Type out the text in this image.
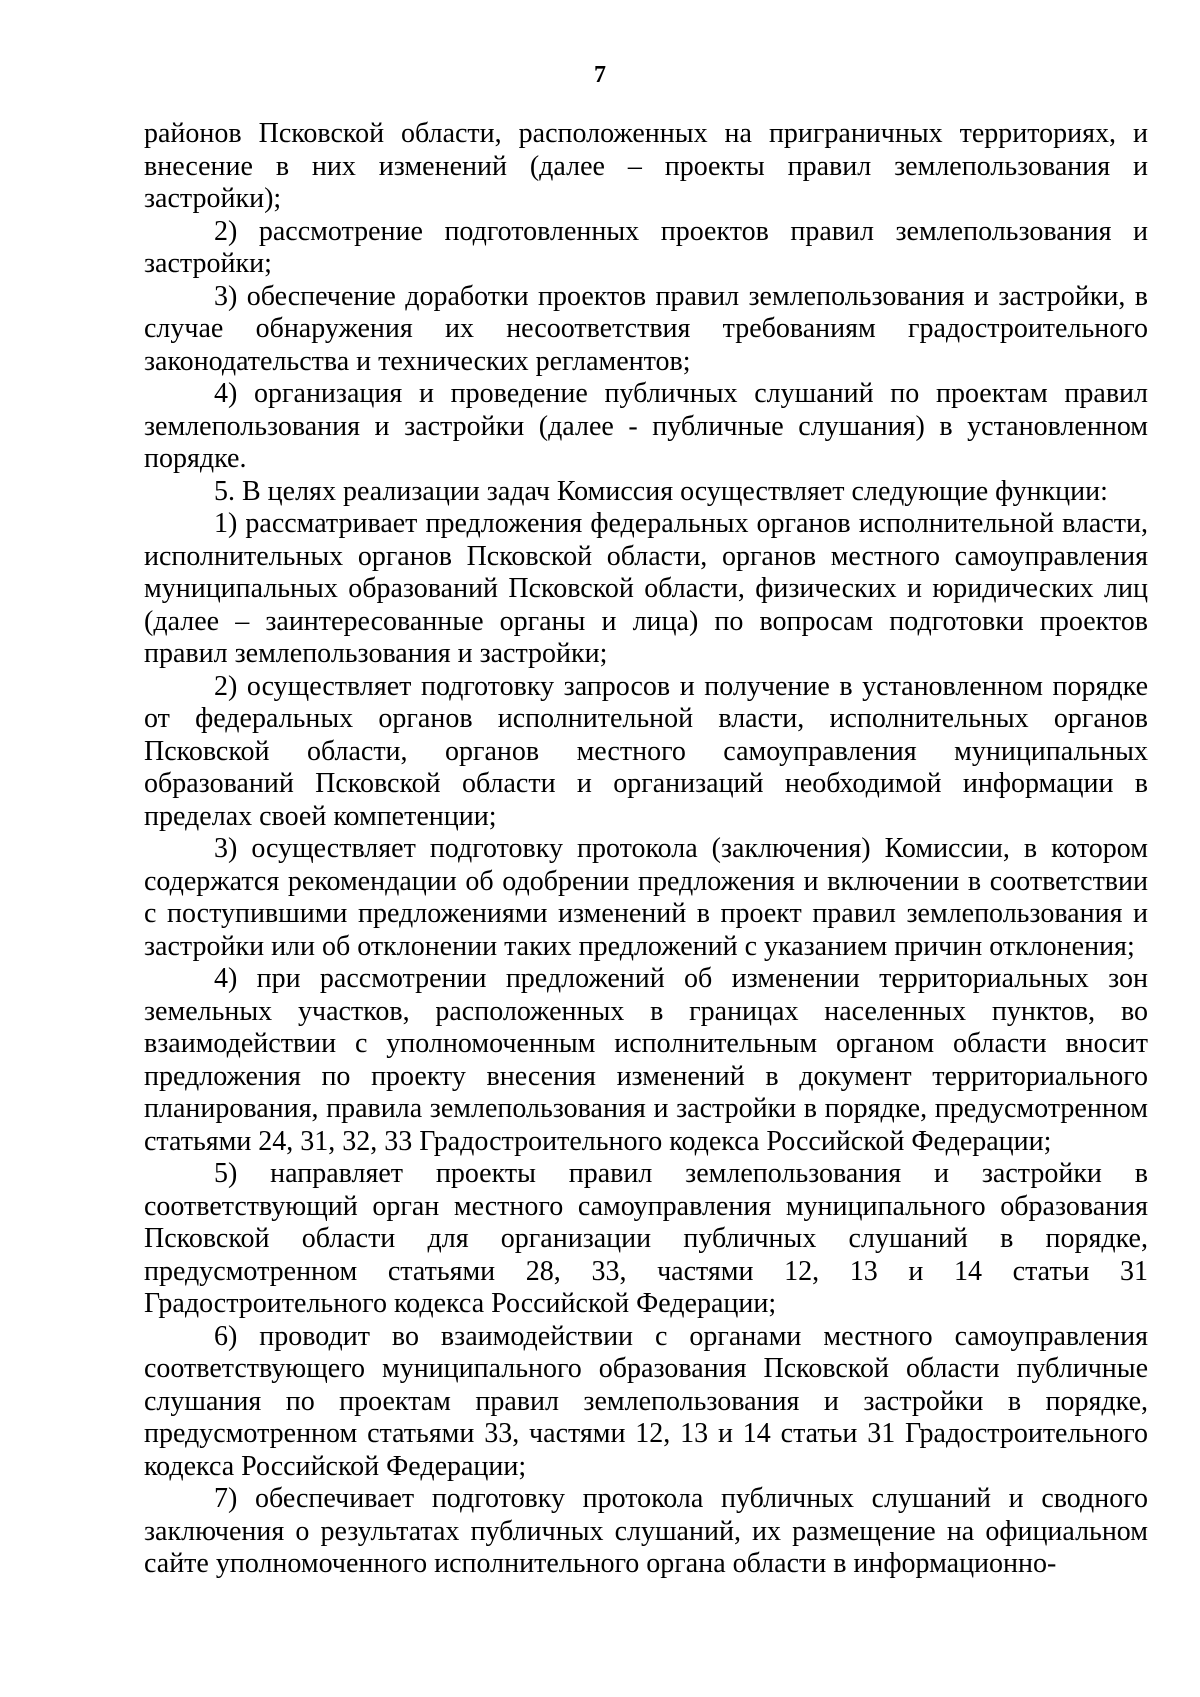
7

районов Псковской области, расположенных на приграничных территориях, и внесение в них изменений (далее – проекты правил землепользования и застройки);

2) рассмотрение подготовленных проектов правил землепользования и застройки;

3) обеспечение доработки проектов правил землепользования и застройки, в случае обнаружения их несоответствия требованиям градостроительного законодательства и технических регламентов;

4) организация и проведение публичных слушаний по проектам правил землепользования и застройки (далее - публичные слушания) в установленном порядке.

5. В целях реализации задач Комиссия осуществляет следующие функции:

1) рассматривает предложения федеральных органов исполнительной власти, исполнительных органов Псковской области, органов местного самоуправления муниципальных образований Псковской области, физических и юридических лиц (далее – заинтересованные органы и лица) по вопросам подготовки проектов правил землепользования и застройки;

2) осуществляет подготовку запросов и получение в установленном порядке от федеральных органов исполнительной власти, исполнительных органов Псковской области, органов местного самоуправления муниципальных образований Псковской области и организаций необходимой информации в пределах своей компетенции;

3) осуществляет подготовку протокола (заключения) Комиссии, в котором содержатся рекомендации об одобрении предложения и включении в соответствии с поступившими предложениями изменений в проект правил землепользования и застройки или об отклонении таких предложений с указанием причин отклонения;

4) при рассмотрении предложений об изменении территориальных зон земельных участков, расположенных в границах населенных пунктов, во взаимодействии с уполномоченным исполнительным органом области вносит предложения по проекту внесения изменений в документ территориального планирования, правила землепользования и застройки в порядке, предусмотренном статьями 24, 31, 32, 33 Градостроительного кодекса Российской Федерации;

5) направляет проекты правил землепользования и застройки в соответствующий орган местного самоуправления муниципального образования Псковской области для организации публичных слушаний в порядке, предусмотренном статьями 28, 33, частями 12, 13 и 14 статьи 31 Градостроительного кодекса Российской Федерации;

6) проводит во взаимодействии с органами местного самоуправления соответствующего муниципального образования Псковской области публичные слушания по проектам правил землепользования и застройки в порядке, предусмотренном статьями 33, частями 12, 13 и 14 статьи 31 Градостроительного кодекса Российской Федерации;

7) обеспечивает подготовку протокола публичных слушаний и сводного заключения о результатах публичных слушаний, их размещение на официальном сайте уполномоченного исполнительного органа области в информационно-
